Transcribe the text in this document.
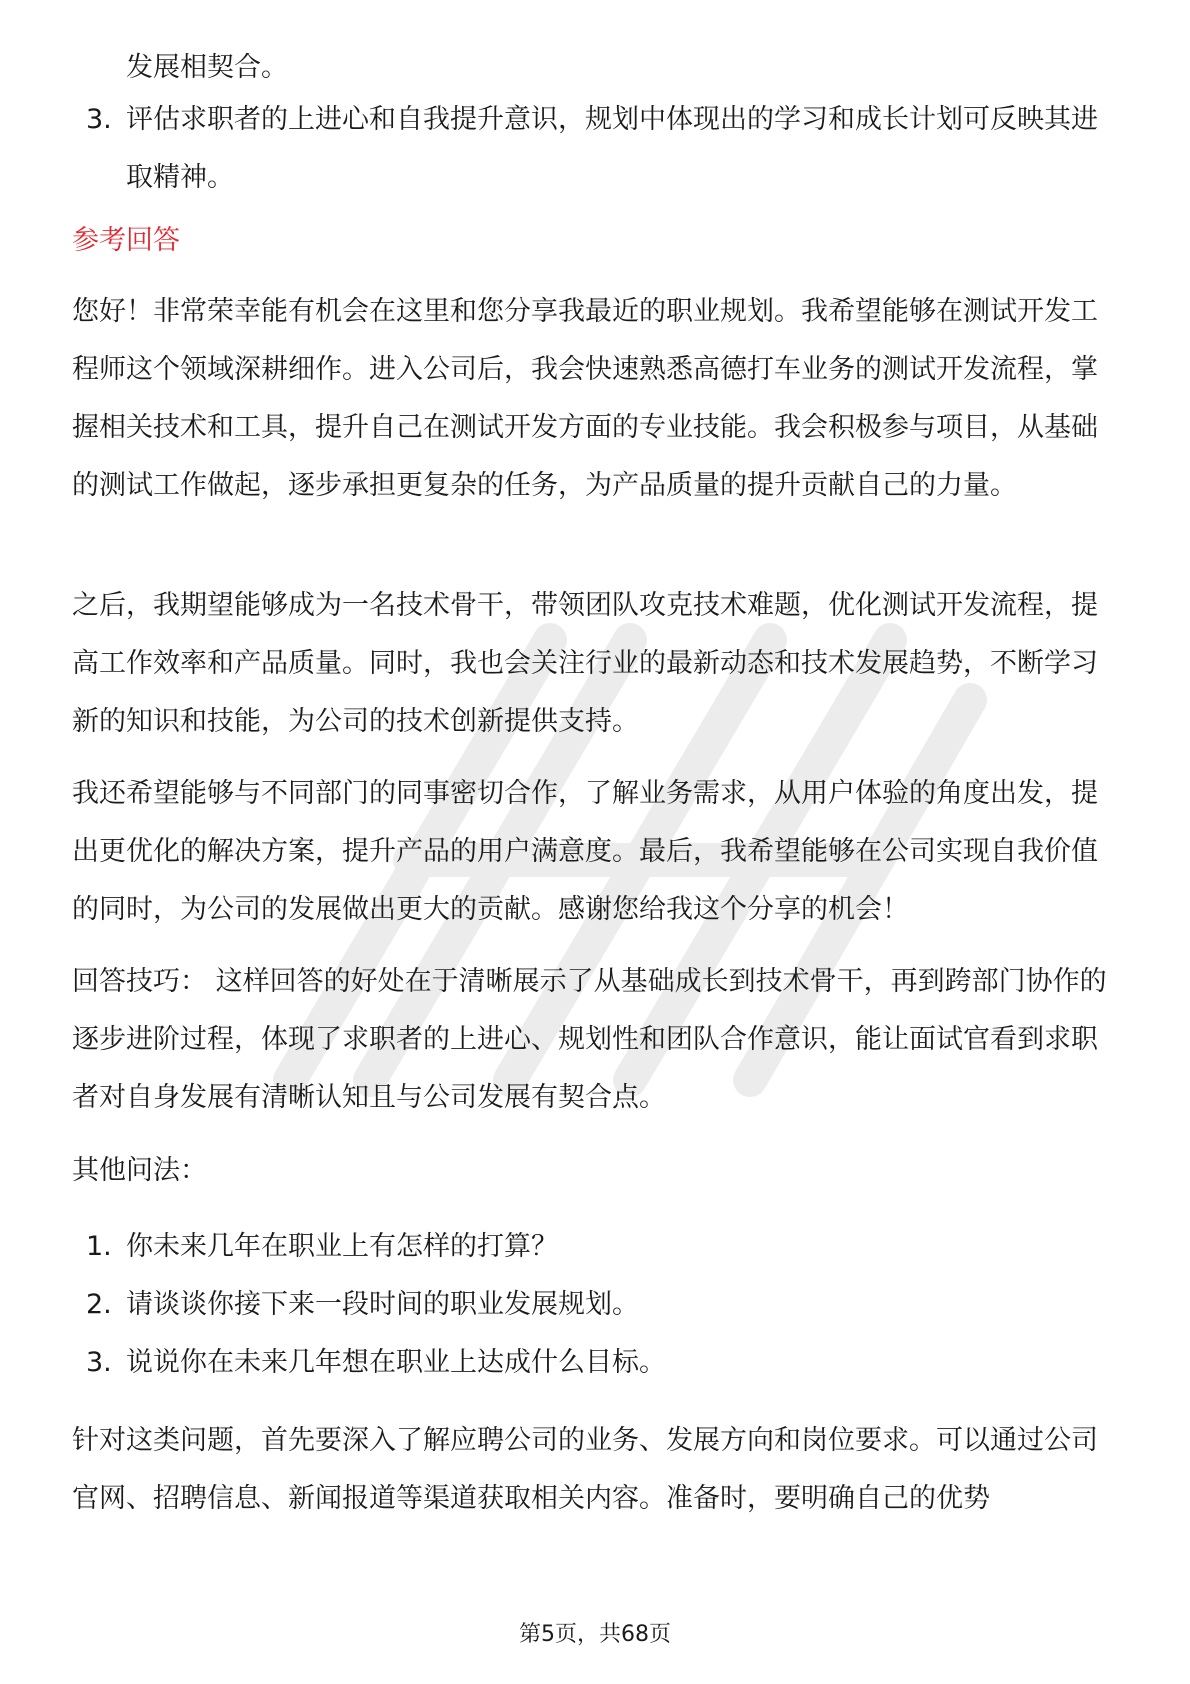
发展相契合。
3. 评估求职者的上进心和自我提升意识，规划中体现出的学习和成长计划可反映其进取精神。
参考回答

您好！非常荣幸能有机会在这里和您分享我最近的职业规划。我希望能够在测试开发工程师这个领域深耕细作。进入公司后，我会快速熟悉高德打车业务的测试开发流程，掌握相关技术和工具，提升自己在测试开发方面的专业技能。我会积极参与项目，从基础的测试工作做起，逐步承担更复杂的任务，为产品质量的提升贡献自己的力量。

之后，我期望能够成为一名技术骨干，带领团队攻克技术难题，优化测试开发流程，提高工作效率和产品质量。同时，我也会关注行业的最新动态和技术发展趋势，不断学习新的知识和技能，为公司的技术创新提供支持。

我还希望能够与不同部门的同事密切合作，了解业务需求，从用户体验的角度出发，提出更优化的解决方案，提升产品的用户满意度。最后，我希望能够在公司实现自我价值的同时，为公司的发展做出更大的贡献。感谢您给我这个分享的机会！

回答技巧： 这样回答的好处在于清晰展示了从基础成长到技术骨干，再到跨部门协作的逐步进阶过程，体现了求职者的上进心、规划性和团队合作意识，能让面试官看到求职者对自身发展有清晰认知且与公司发展有契合点。

其他问法：
1. 你未来几年在职业上有怎样的打算？
2. 请谈谈你接下来一段时间的职业发展规划。
3. 说说你在未来几年想在职业上达成什么目标。

针对这类问题，首先要深入了解应聘公司的业务、发展方向和岗位要求。可以通过公司官网、招聘信息、新闻报道等渠道获取相关内容。准备时，要明确自己的优势

第5页，共68页
